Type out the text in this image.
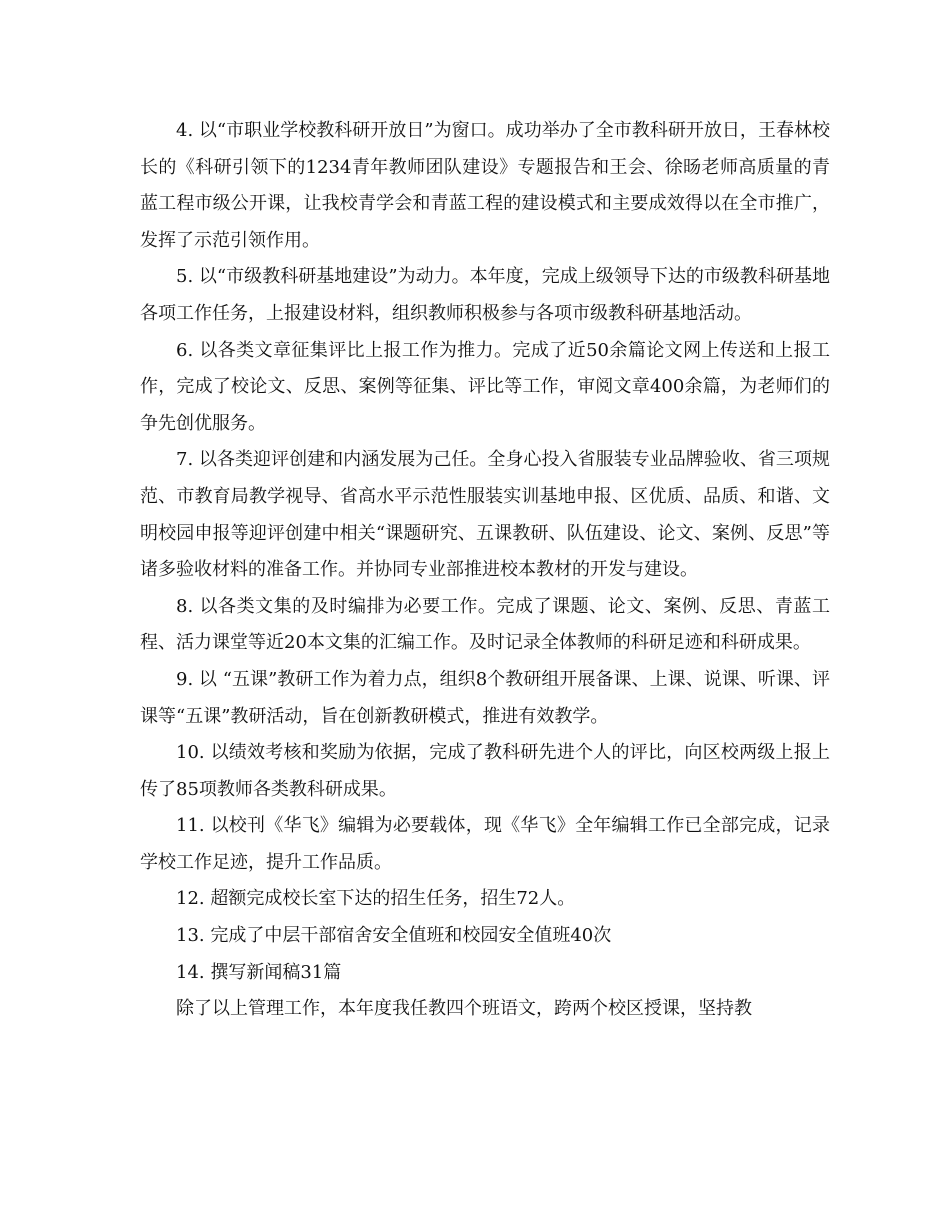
4. 以“市职业学校教科研开放日”为窗口。成功举办了全市教科研开放日，王春林校长的《科研引领下的1234青年教师团队建设》专题报告和王会、徐旸老师高质量的青蓝工程市级公开课，让我校青学会和青蓝工程的建设模式和主要成效得以在全市推广，发挥了示范引领作用。

5. 以“市级教科研基地建设”为动力。本年度，完成上级领导下达的市级教科研基地各项工作任务，上报建设材料，组织教师积极参与各项市级教科研基地活动。

6. 以各类文章征集评比上报工作为推力。完成了近50余篇论文网上传送和上报工作，完成了校论文、反思、案例等征集、评比等工作，审阅文章400余篇，为老师们的争先创优服务。

7. 以各类迎评创建和内涵发展为己任。全身心投入省服装专业品牌验收、省三项规范、市教育局教学视导、省高水平示范性服装实训基地申报、区优质、品质、和谐、文明校园申报等迎评创建中相关“课题研究、五课教研、队伍建设、论文、案例、反思”等诸多验收材料的准备工作。并协同专业部推进校本教材的开发与建设。

8. 以各类文集的及时编排为必要工作。完成了课题、论文、案例、反思、青蓝工程、活力课堂等近20本文集的汇编工作。及时记录全体教师的科研足迹和科研成果。

9. 以 “五课”教研工作为着力点，组织8个教研组开展备课、上课、说课、听课、评课等“五课”教研活动，旨在创新教研模式，推进有效教学。

10. 以绩效考核和奖励为依据，完成了教科研先进个人的评比，向区校两级上报上传了85项教师各类教科研成果。

11. 以校刊《华飞》编辑为必要载体，现《华飞》全年编辑工作已全部完成，记录学校工作足迹，提升工作品质。

12. 超额完成校长室下达的招生任务，招生72人。

13. 完成了中层干部宿舍安全值班和校园安全值班40次

14. 撰写新闻稿31篇

除了以上管理工作，本年度我任教四个班语文，跨两个校区授课，坚持教
